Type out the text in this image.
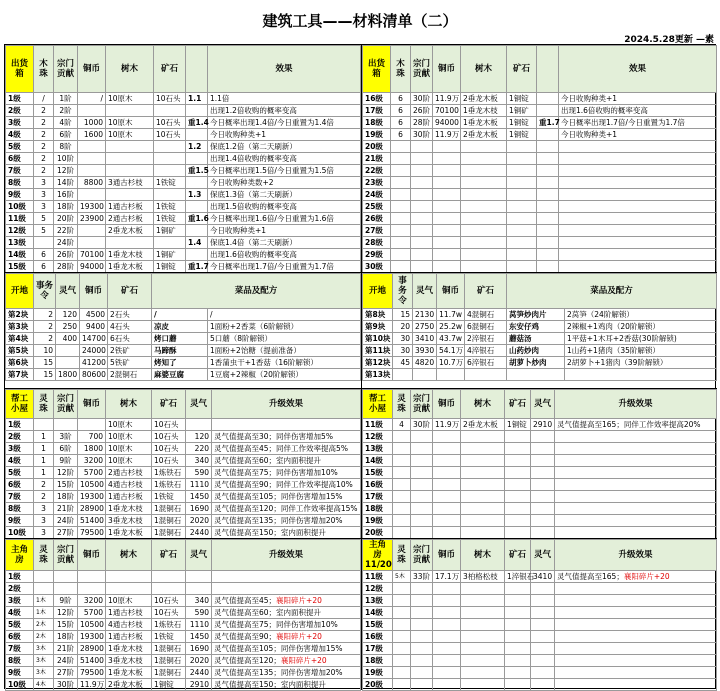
建筑工具——材料清单（二）
2024.5.28更新 —素
出货箱	木珠	宗门贡献	铜币	树木	矿石		效果
1级	/	1阶	/	10原木	10石头	1.1	1.1倍
2级	2	2阶					出现1.2倍收购的概率变高
3级	2	4阶	1000	10原木	10石头	重1.4	今日概率出现1.4倍/今日重置为1.4倍
4级	2	6阶	1600	10原木	10石头		今日收购种类+1
5级	2	8阶				1.2	保底1.2倍（第二天刷新）
6级	2	10阶					出现1.4倍收购的概率变高
7级	2	12阶				重1.5	今日概率出现1.5倍/今日重置为1.5倍
8级	3	14阶	8800	3通古杉枝	1铁锭		今日收购种类数+2
9级	3	16阶				1.3	保底1.3倍（第二天刷新）
10级	3	18阶	19300	1通古杉板	1铁锭		出现1.5倍收购的概率变高
11级	5	20阶	23900	2通古杉板	1铁锭	重1.6	今日概率出现1.6倍/今日重置为1.6倍
12级	5	22阶		2垂龙木板	1铜矿		今日收购种类+1
13级		24阶				1.4	保底1.4倍（第二天刷新）
14级	6	26阶	70100	1垂龙木枝	1铜矿		出现1.6倍收购的概率变高
15级	6	28阶	94000	1垂龙木板	1铜锭	重1.7	今日概率出现1.7倍/今日重置为1.7倍
出货箱	木珠	宗门贡献	铜币	树木	矿石		效果
16级	6	30阶	11.9万	2垂龙木板	1铜锭		今日收购种类+1
17级	6	26阶	70100	1垂龙木枝	1铜矿		出现1.6倍收购的概率变高
18级	6	28阶	94000	1垂龙木板	1铜锭	重1.7	今日概率出现1.7倍/今日重置为1.7倍
19级	6	30阶	11.9万	2垂龙木板	1铜锭		今日收购种类+1
20级							
21级							
22级							
23级							
24级							
25级							
26级							
27级							
28级							
29级							
30级							
开地	事务令	灵气	铜币	矿石	菜品及配方	
第2块	2	120	4500	2石头	/	/
第3块	2	250	9400	4石头	凉皮	1面粉+2香菜（6阶解锁）
第4块	2	400	14700	6石头	烤口蘑	5口蘑（8阶解锁）
第5块	10		24000	2铁矿	马蹄酥	1面粉+2饴糖（提前准备）
第6块	15		41200	5铁矿	烤知了	1香蒲虫干+1香菇（16阶解锁）
第7块	15	1800	80600	2混铜石	麻婆豆腐	1豆腐+2辣椒（20阶解锁）
开地	事务令	灵气	铜币	矿石	菜品及配方	
第8块	15	2130	11.7w	4混铜石	莴笋炒肉片	2莴笋（24阶解锁）
第9块	20	2750	25.2w	6混铜石	东安仔鸡	2辣椒+1鸡肉（20阶解锁）
第10块	30	3410	43.7w	2淬银石	蘑菇汤	1平菇+1木耳+2香菇(30阶解锁)
第11块	30	3930	54.1万	4淬银石	山药炒肉	1山药+1猪肉（35阶解锁）
第12块	45	4820	10.7万	6淬银石	胡萝卜炒肉	2胡萝卜+1猪肉（39阶解锁）
第13块						
帮工小屋	灵珠	宗门贡献	铜币	树木	矿石	灵气	升级效果
1级				10原木	10石头		
2级	1	3阶	700	10原木	10石头	120	灵气值提高至30；同伴伤害增加5%
3级	1	6阶	1800	10原木	10石头	220	灵气值提高至45；同伴工作效率提高5%
4级	1	9阶	3200	10原木	10石头	340	灵气值提高至60；室内面积提升
5级	1	12阶	5700	2通古杉枝	1炼铁石	590	灵气值提高至75；同伴伤害增加10%
6级	2	15阶	10500	4通古杉枝	1炼铁石	1110	灵气值提高至90；同伴工作效率提高10%
7级	2	18阶	19300	1通古杉板	1铁锭	1450	灵气值提高至105；同伴伤害增加15%
8级	3	21阶	28900	1垂龙木枝	1混铜石	1690	灵气值提高至120；同伴工作效率提高15%
9级	3	24阶	51400	3垂龙木枝	1混铜石	2020	灵气值提高至135；同伴伤害增加20%
10级	3	27阶	79500	1垂龙木板	1混铜石	2440	灵气值提高至150；室内面积提升
帮工小屋	灵珠	宗门贡献	铜币	树木	矿石	灵气	升级效果
11级	4	30阶	11.9万	2垂龙木板	1铜锭	2910	灵气值提高至165；同伴工作效率提高20%
12级							
13级							
14级							
15级							
16级							
17级							
18级							
19级							
20级							
主角房	灵珠	宗门贡献	铜币	树木	矿石	灵气	升级效果
1级							
2级							
3级	1木	9阶	3200	10原木	10石头	340	灵气值提高至45；襄阳碎片+20
4级	1木	12阶	5700	1通古杉枝	10石头	590	灵气值提高至60；室内面积提升
5级	2木	15阶	10500	4通古杉枝	1炼铁石	1110	灵气值提高至75；同伴伤害增加10%
6级	2木	18阶	19300	1通古杉板	1铁锭	1450	灵气值提高至90；襄阳碎片+20
7级	3木	21阶	28900	1垂龙木枝	1混铜石	1690	灵气值提高至105；同伴伤害增加15%
8级	3木	24阶	51400	3垂龙木枝	1混铜石	2020	灵气值提高至120；襄阳碎片+20
9级	3木	27阶	79500	1垂龙木板	1混铜石	2440	灵气值提高至135；同伴伤害增加20%
10级	4木	30阶	11.9万	2垂龙木板	1铜锭	2910	灵气值提高至150；室内面积提升
主角房11/20	灵珠	宗门贡献	铜币	树木	矿石	灵气	升级效果
11级	5木	33阶	17.1万	3柏格松枝	1淬银石	3410	灵气值提高至165；襄阳碎片+20
12级							
13级							
14级							
15级							
16级							
17级							
18级							
19级							
20级							
